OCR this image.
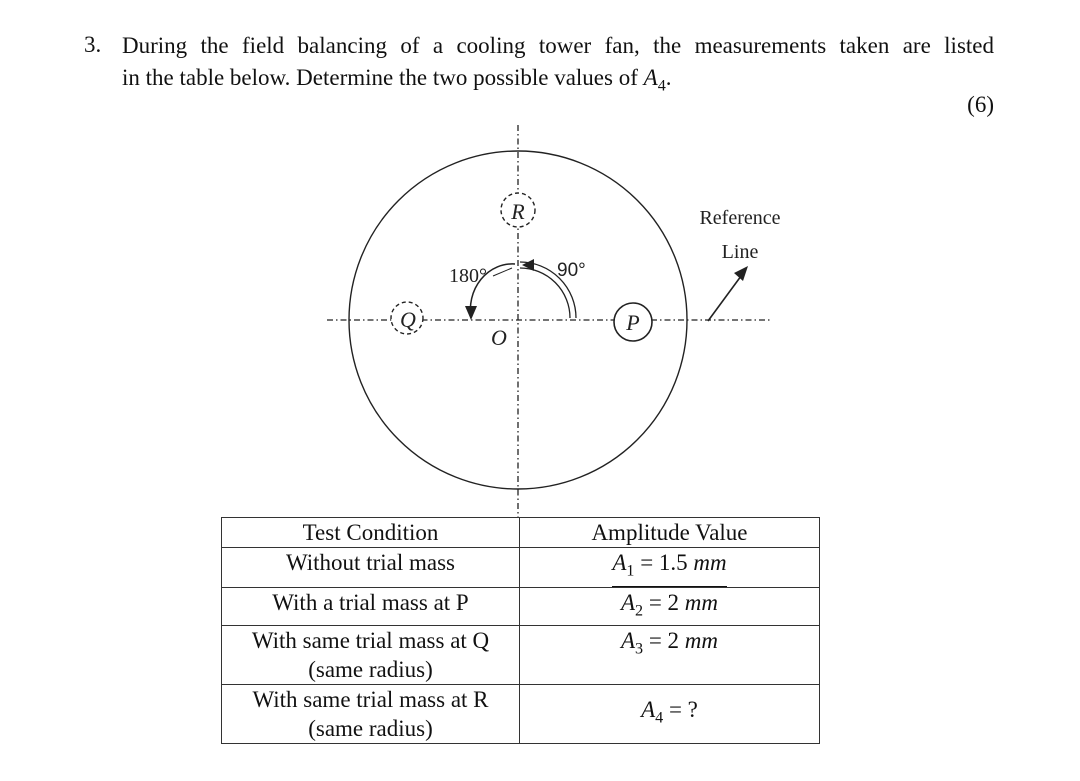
3. During the field balancing of a cooling tower fan, the measurements taken are listed
in the table below. Determine the two possible values of $A_4$.
(6)
R
Q	P
O
180°	90°
Reference
Line
Test Condition	Amplitude Value
Without trial mass	$A_1 = 1.5$ mm
With a trial mass at P	$A_2 = 2$ mm

With same trial mass at Q
(same radius)	$A_3 = 2$ mm

With same trial mass at R
(same radius)	$A_4$ = ?
